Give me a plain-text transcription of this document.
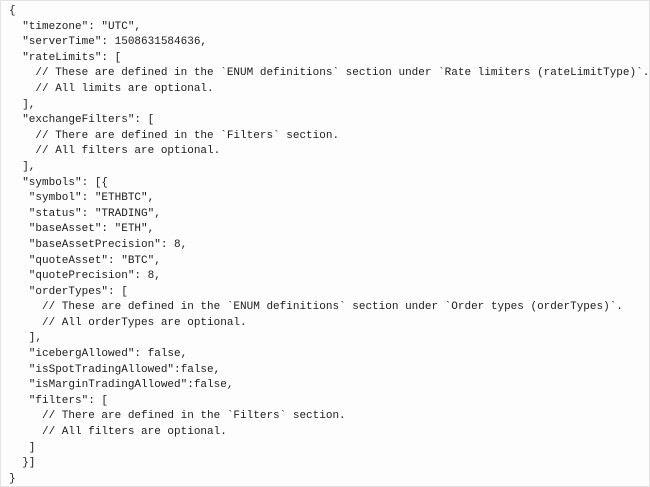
{
"timezone": "UTC",
"serverTime": 1508631584636,
"rateLimits": [
// These are defined in the `ENUM definitions` section under `Rate limiters (rateLimitType)`.
// All limits are optional.
],
"exchangeFilters": [
// There are defined in the `Filters` section.
// All filters are optional.
],
"symbols": [{
"symbol": "ETHBTC",
"status": "TRADING",
"baseAsset": "ETH",
"baseAssetPrecision": 8,
"quoteAsset": "BTC",
"quotePrecision": 8,
"orderTypes": [
// These are defined in the `ENUM definitions` section under `Order types (orderTypes)`.
// All orderTypes are optional.
],
"icebergAllowed": false,
"isSpotTradingAllowed":false,
"isMarginTradingAllowed":false,
"filters": [
// There are defined in the `Filters` section.
// All filters are optional.
]
}]
}
